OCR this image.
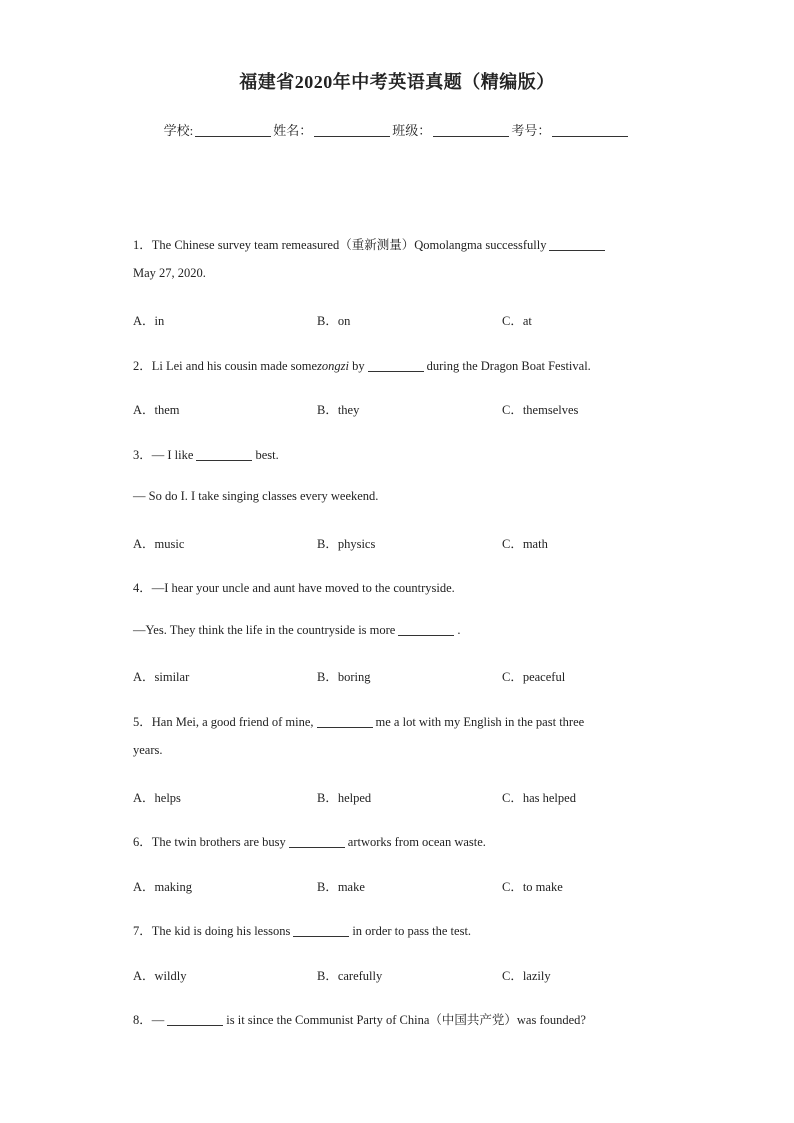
福建省2020年中考英语真题（精编版）
学校:	姓名：	班级：	考号：
1．The Chinese survey team remeasured（重新测量）Qomolangma successfully
May 27, 2020.
A．in	B．on	C．at
2．Li Lei and his cousin made somezongzi by	during the Dragon Boat Festival.
A．them	B．they	C．themselves
3．— I like	best.
— So do I. I take singing classes every weekend.
A．music	B．physics	C．math
4．—I hear your uncle and aunt have moved to the countryside.
—Yes. They think the life in the countryside is more	.
A．similar	B．boring	C．peaceful
5．Han Mei, a good friend of mine,	me a lot with my English in the past three
years.
A．helps	B．helped	C．has helped
6．The twin brothers are busy	artworks from ocean waste.
A．making	B．make	C．to make
7．The kid is doing his lessons	in order to pass the test.
A．wildly	B．carefully	C．lazily
8．—	is it since the Communist Party of China（中国共产党）was founded?
